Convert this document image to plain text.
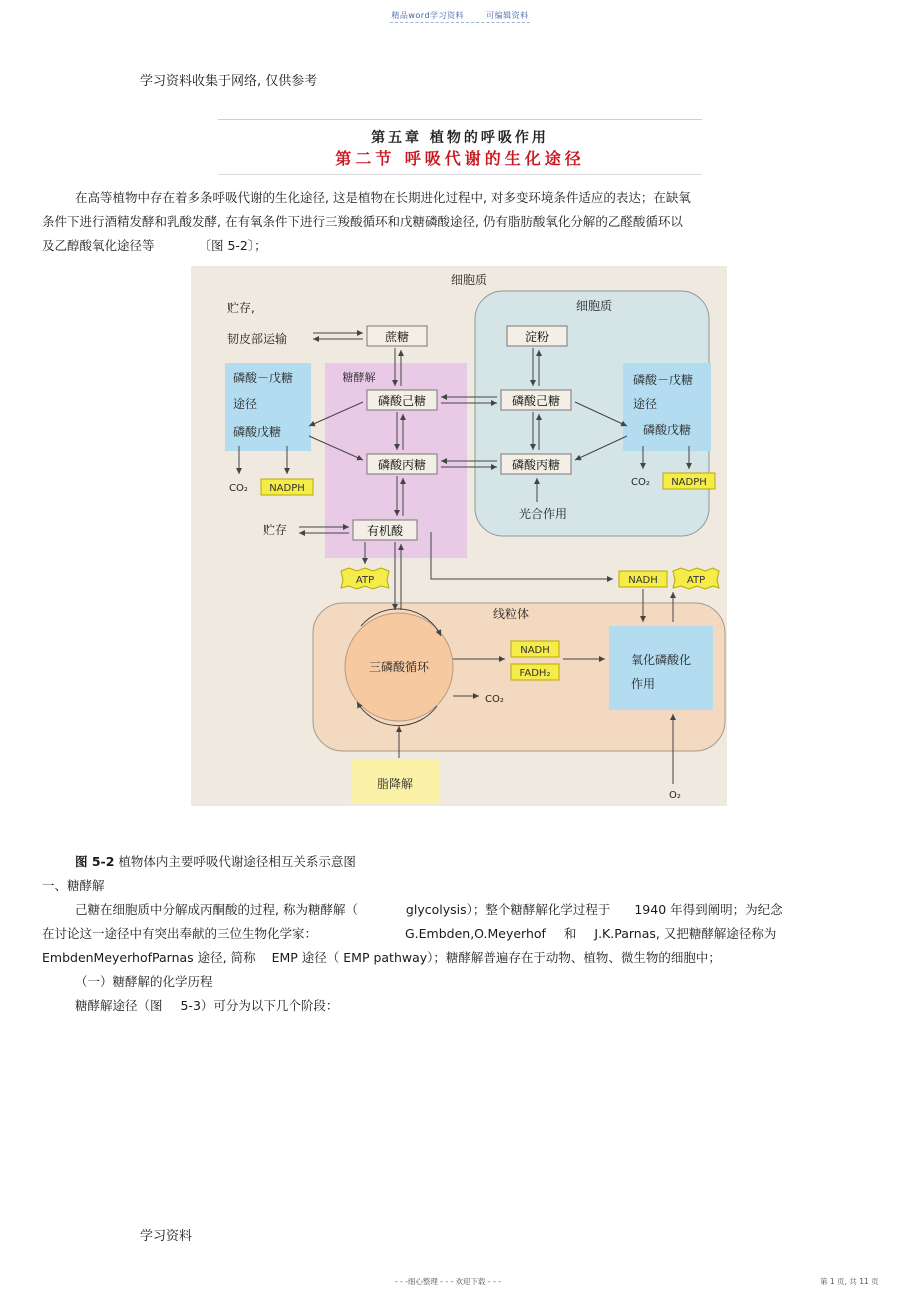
精品word学习资料	可编辑资料
学习资料收集于网络, 仅供参考
第五章 植物的呼吸作用
第二节 呼吸代谢的生化途径
在高等植物中存在着多条呼吸代谢的生化途径, 这是植物在长期进化过程中, 对多变环境条件适应的表达；在缺氧
条件下进行酒精发酵和乳酸发酵, 在有氧条件下进行三羧酸循环和戊糖磷酸途径, 仍有脂肪酸氧化分解的乙醛酸循环以
及乙醇酸氧化途径等	〔图 5-2〕；
细胞质
细胞质
线粒体
糖酵解
贮存,
韧皮部运输	蔗糖	淀粉
磷酸己糖	磷酸己糖
磷酸丙糖	磷酸丙糖
有机酸
磷酸－戊糖
途径
磷酸戊糖
CO₂ NADPH
磷酸－戊糖
途径
磷酸戊糖
CO₂ NADPH
光合作用
贮存
ATP	NADH	ATP
三磷酸循环
NADH
FADH₂
CO₂
氧化磷酸化
作用
O₂
脂降解
图 5-2 植物体内主要呼吸代谢途径相互关系示意图
一、糖酵解
己糖在细胞质中分解成丙酮酸的过程, 称为糖酵解（	glycolysis）；整个糖酵解化学过程于 1940 年得到阐明；为纪念
在讨论这一途径中有突出奉献的三位生物化学家：	G.Embden,O.Meyerhof 和 J.K.Parnas, 又把糖酵解途径称为
EmbdenMeyerhofParnas 途径, 简称 EMP 途径（ EMP pathway）；糖酵解普遍存在于动物、植物、微生物的细胞中；
（一）糖酵解的化学历程
糖酵解途径（图 5-3）可分为以下几个阶段：
学习资料
- - -细心整理 - - - 欢迎下载 - - -	第 1 页, 共 11 页
